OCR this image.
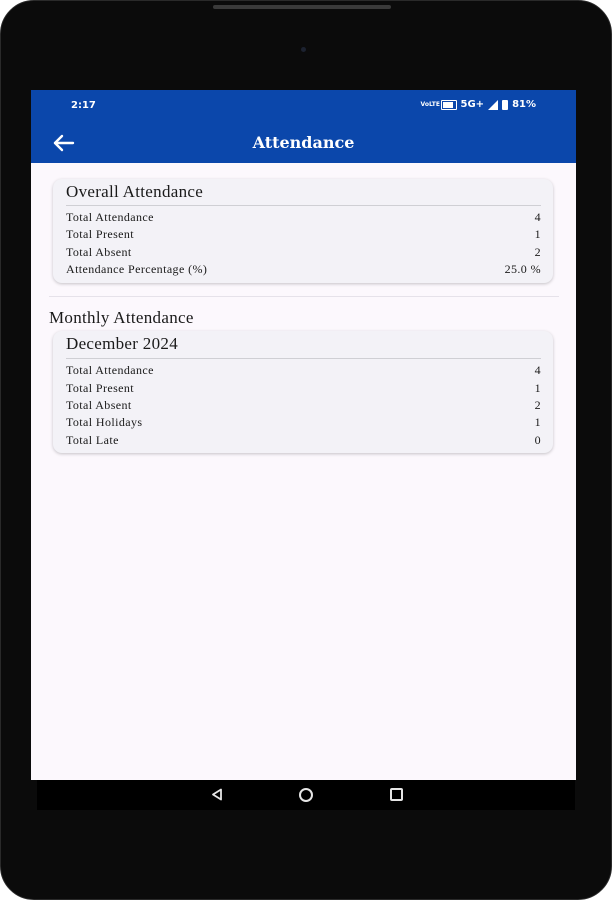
2:17	VoLTE 5G+	81%
Attendance
Overall Attendance
Total Attendance	4
Total Present	1
Total Absent	2
Attendance Percentage (%)	25.0 %
Monthly Attendance
December 2024
Total Attendance	4
Total Present	1
Total Absent	2
Total Holidays	1
Total Late	0
